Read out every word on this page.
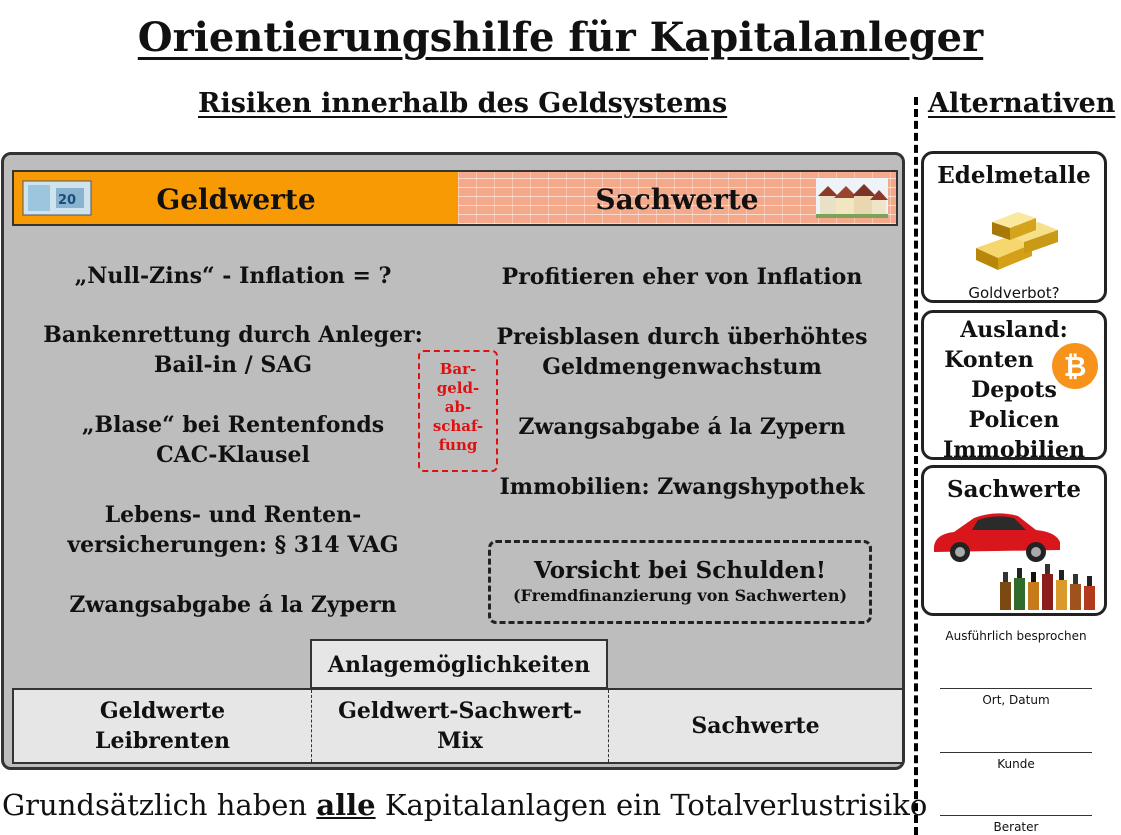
Orientierungshilfe für Kapitalanleger
Risiken innerhalb des Geldsystems	Alternativen
Geldwerte	Sachwerte
20
„Null-Zins“ - Inflation = ?
Bankenrettung durch Anleger:
Bail-in / SAG
„Blase“ bei Rentenfonds
CAC-Klausel
Lebens- und Renten-
versicherungen: § 314 VAG
Zwangsabgabe á la Zypern
Bar-
geld-
ab-
schaf-
fung
Profitieren eher von Inflation
Preisblasen durch überhöhtes
Geldmengenwachstum
Zwangsabgabe á la Zypern
Immobilien: Zwangshypothek
Vorsicht bei Schulden!
(Fremdfinanzierung von Sachwerten)
Anlagemöglichkeiten
Geldwerte
Leibrenten
Geldwert-Sachwert-
Mix
Sachwerte
Grundsätzlich haben alle Kapitalanlagen ein Totalverlustrisiko
Edelmetalle
Goldverbot?
Ausland:
Konten
Depots
Policen
Immobilien
₿
Sachwerte
Ausführlich besprochen
Ort, Datum
Kunde
Berater
